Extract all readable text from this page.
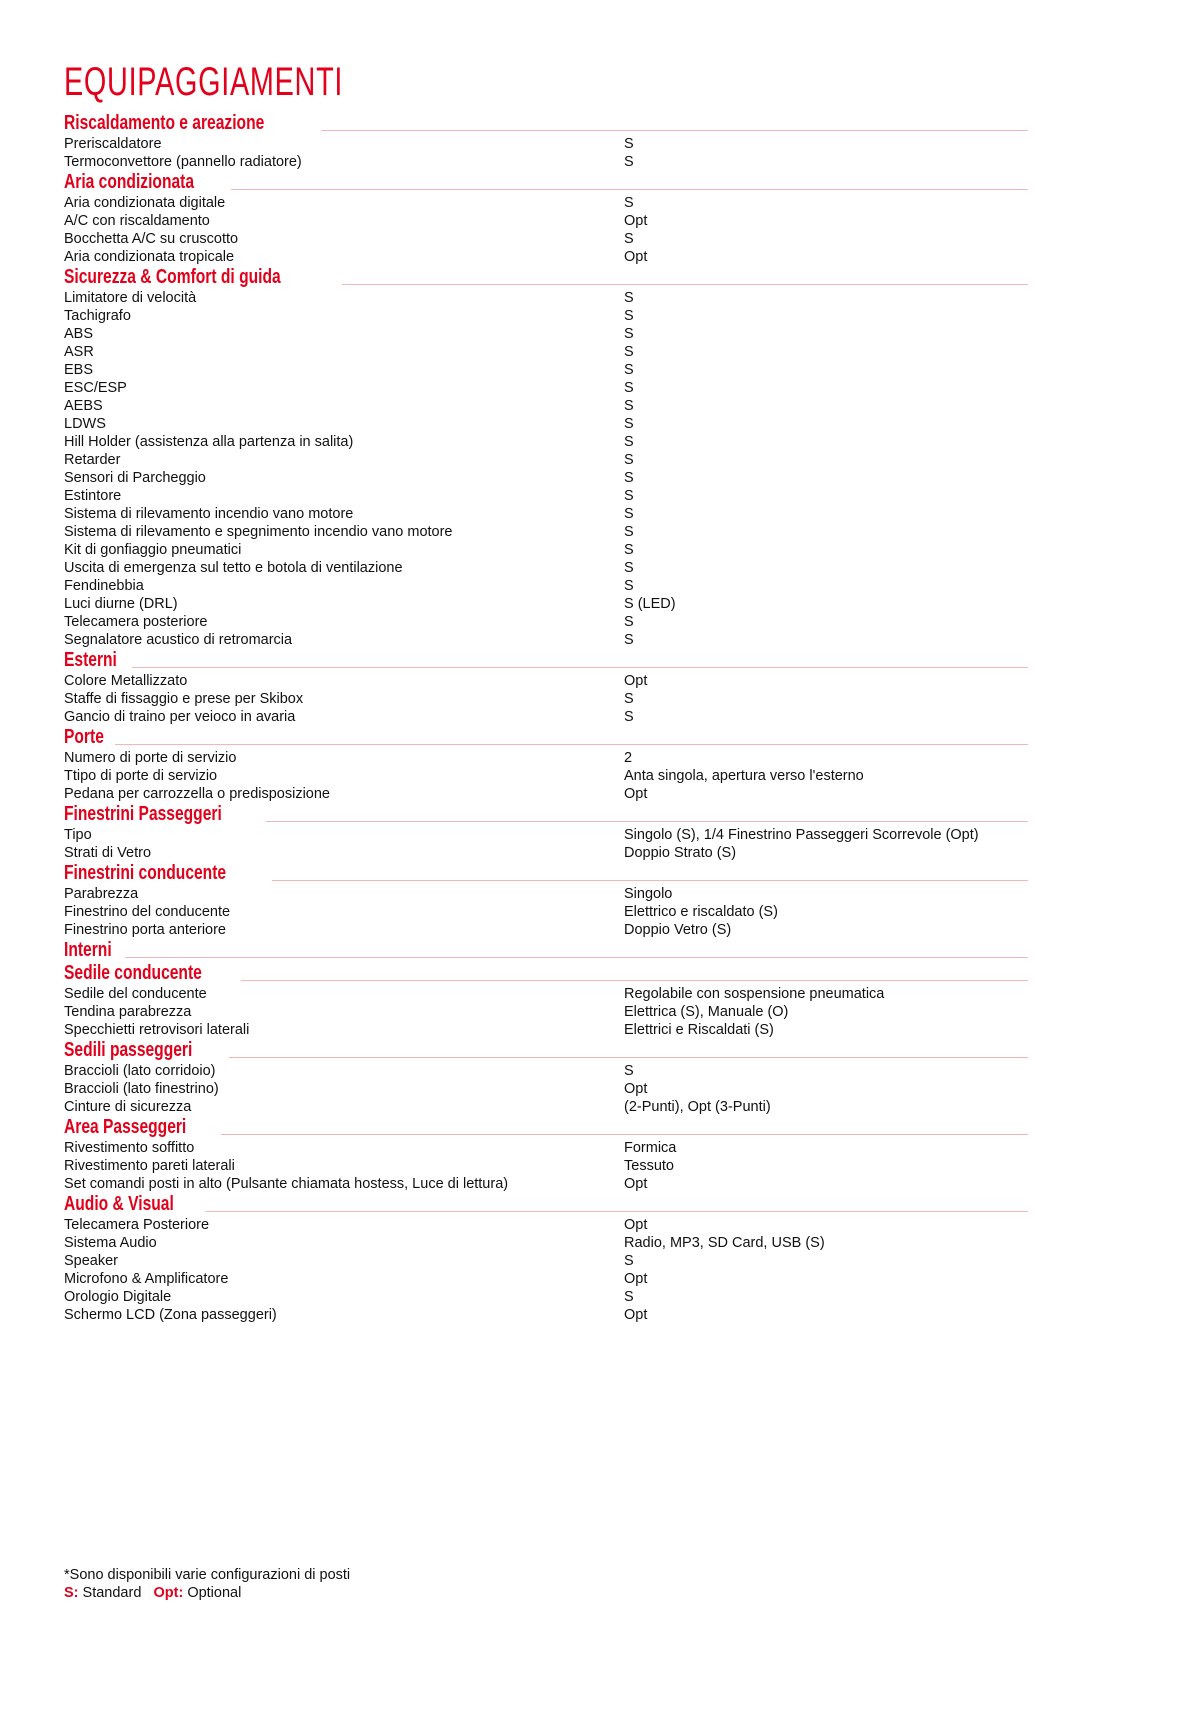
EQUIPAGGIAMENTI
Riscaldamento e areazione
Preriscaldatore	S
Termoconvettore (pannello radiatore)	S
Aria condizionata
Aria condizionata digitale	S
A/C con riscaldamento	Opt
Bocchetta A/C su cruscotto	S
Aria condizionata tropicale	Opt
Sicurezza & Comfort di guida
Limitatore di velocità	S
Tachigrafo	S
ABS	S
ASR	S
EBS	S
ESC/ESP	S
AEBS	S
LDWS	S
Hill Holder (assistenza alla partenza in salita)	S
Retarder	S
Sensori di Parcheggio	S
Estintore	S
Sistema di rilevamento incendio vano motore	S
Sistema di rilevamento e spegnimento incendio vano motore	S
Kit di gonfiaggio pneumatici	S
Uscita di emergenza sul tetto e botola di ventilazione	S
Fendinebbia	S
Luci diurne (DRL)	S (LED)
Telecamera posteriore	S
Segnalatore acustico di retromarcia	S
Esterni
Colore Metallizzato	Opt
Staffe di fissaggio e prese per Skibox	S
Gancio di traino per veioco in avaria	S
Porte
Numero di porte di servizio	2
Ttipo di porte di servizio	Anta singola, apertura verso l'esterno
Pedana per carrozzella o predisposizione	Opt
Finestrini Passeggeri
Tipo	Singolo (S), 1/4 Finestrino Passeggeri Scorrevole (Opt)
Strati di Vetro	Doppio Strato (S)
Finestrini conducente
Parabrezza	Singolo
Finestrino del conducente	Elettrico e riscaldato (S)
Finestrino porta anteriore	Doppio Vetro (S)
Interni
Sedile conducente
Sedile del conducente	Regolabile con sospensione pneumatica
Tendina parabrezza	Elettrica (S), Manuale (O)
Specchietti retrovisori laterali	Elettrici e Riscaldati (S)
Sedili passeggeri
Braccioli (lato corridoio)	S
Braccioli (lato finestrino)	Opt
Cinture di sicurezza	(2-Punti), Opt (3-Punti)
Area Passeggeri
Rivestimento soffitto	Formica
Rivestimento pareti laterali	Tessuto
Set comandi posti in alto (Pulsante chiamata hostess, Luce di lettura)	Opt
Audio & Visual
Telecamera Posteriore	Opt
Sistema Audio	Radio, MP3, SD Card, USB (S)
Speaker	S
Microfono & Amplificatore	Opt
Orologio Digitale	S
Schermo LCD (Zona passeggeri)	Opt
*Sono disponibili varie configurazioni di posti
S: Standard Opt: Optional
